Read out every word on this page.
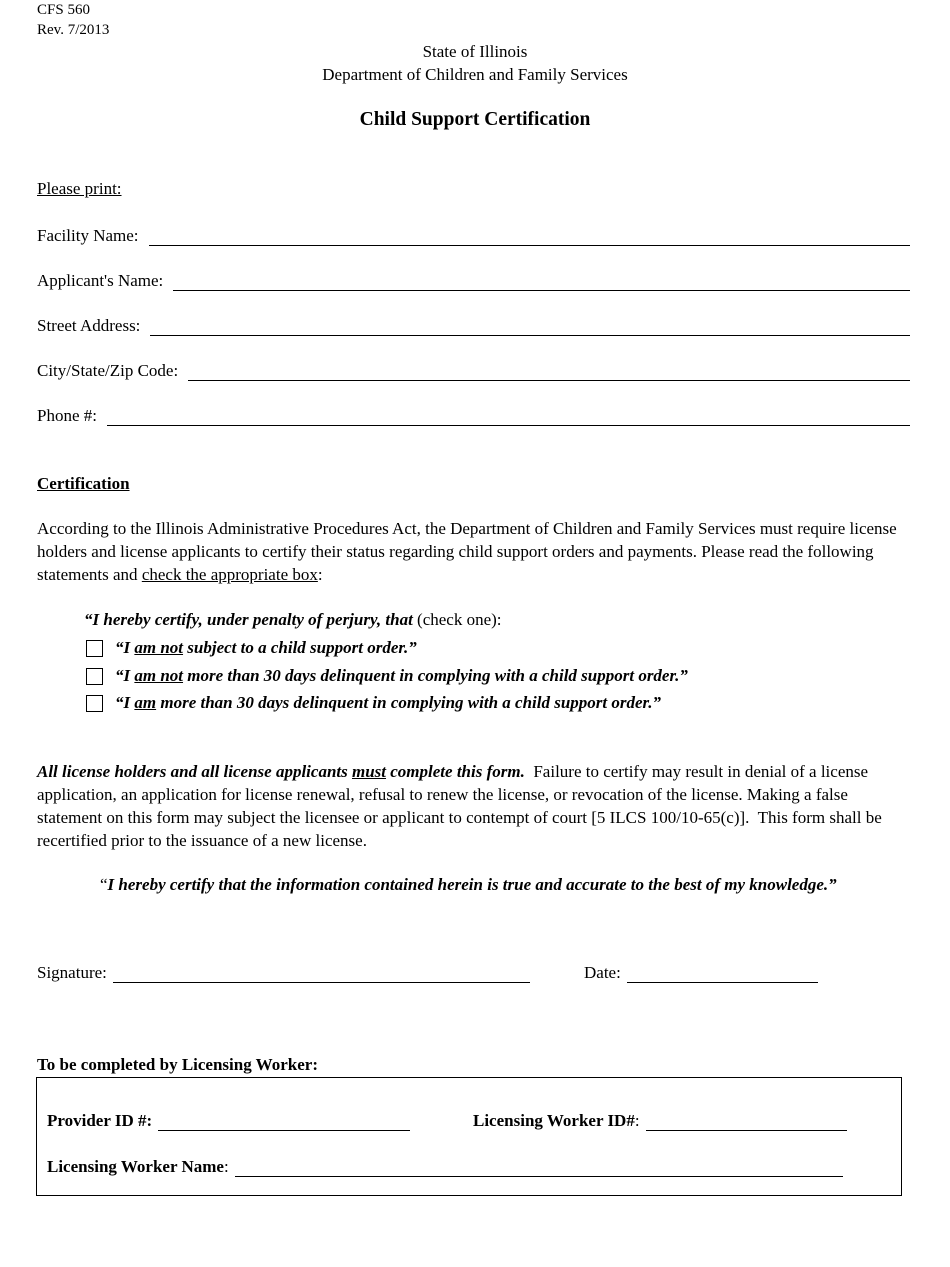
CFS 560
Rev. 7/2013
State of Illinois
Department of Children and Family Services
Child Support Certification
Please print:
Facility Name:
Applicant's Name:
Street Address:
City/State/Zip Code:
Phone #:
Certification
According to the Illinois Administrative Procedures Act, the Department of Children and Family Services must require license holders and license applicants to certify their status regarding child support orders and payments. Please read the following statements and check the appropriate box:
“I hereby certify, under penalty of perjury, that (check one):
“I am not subject to a child support order.”
“I am not more than 30 days delinquent in complying with a child support order.”
“I am more than 30 days delinquent in complying with a child support order.”
All license holders and all license applicants must complete this form.  Failure to certify may result in denial of a license application, an application for license renewal, refusal to renew the license, or revocation of the license. Making a false statement on this form may subject the licensee or applicant to contempt of court [5 ILCS 100/10-65(c)].  This form shall be recertified prior to the issuance of a new license.
“I hereby certify that the information contained herein is true and accurate to the best of my knowledge.”
Signature:	Date:
To be completed by Licensing Worker:
Provider ID #:	Licensing Worker ID#:
Licensing Worker Name:
